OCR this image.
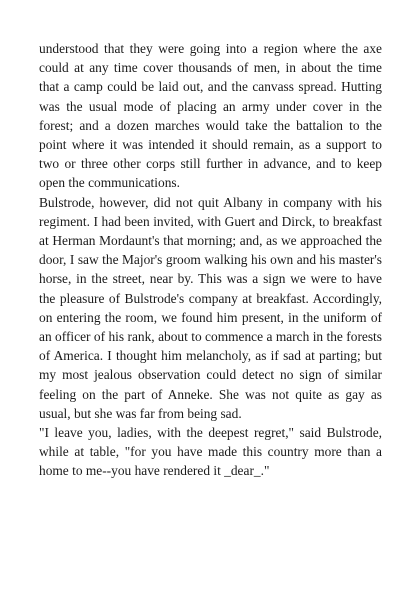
understood that they were going into a region where the axe could at any time cover thousands of men, in about the time that a camp could be laid out, and the canvass spread. Hutting was the usual mode of placing an army under cover in the forest; and a dozen marches would take the battalion to the point where it was intended it should remain, as a support to two or three other corps still further in advance, and to keep open the communications.

Bulstrode, however, did not quit Albany in company with his regiment. I had been invited, with Guert and Dirck, to breakfast at Herman Mordaunt's that morning; and, as we approached the door, I saw the Major's groom walking his own and his master's horse, in the street, near by. This was a sign we were to have the pleasure of Bulstrode's company at breakfast. Accordingly, on entering the room, we found him present, in the uniform of an officer of his rank, about to commence a march in the forests of America. I thought him melancholy, as if sad at parting; but my most jealous observation could detect no sign of similar feeling on the part of Anneke. She was not quite as gay as usual, but she was far from being sad.

"I leave you, ladies, with the deepest regret," said Bulstrode, while at table, "for you have made this country more than a home to me--you have rendered it _dear_."
